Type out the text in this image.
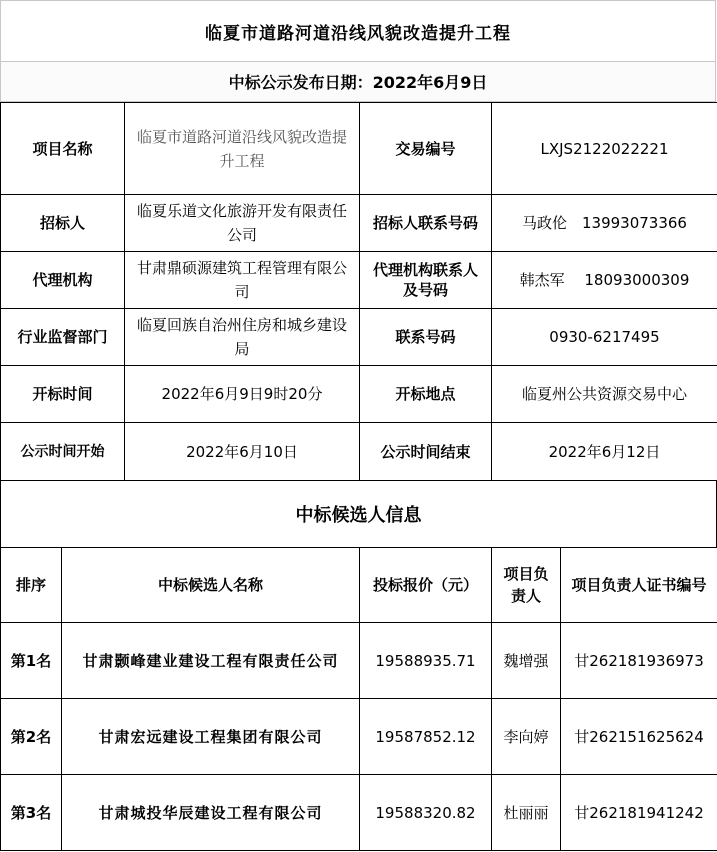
临夏市道路河道沿线风貌改造提升工程
中标公示发布日期：2022年6月9日
项目名称	临夏市道路河道沿线风貌改造提升工程	交易编号	LXJS2122022221
招标人	临夏乐道文化旅游开发有限责任公司	招标人联系号码	马政伦　13993073366
代理机构	甘肃鼎硕源建筑工程管理有限公司	代理机构联系人及号码	韩杰军　 18093000309
行业监督部门	临夏回族自治州住房和城乡建设局	联系号码	0930-6217495
开标时间	2022年6月9日9时20分	开标地点	临夏州公共资源交易中心
公示时间开始	2022年6月10日	公示时间结束	2022年6月12日
中标候选人信息
排序	中标候选人名称	投标报价（元）	项目负责人	项目负责人证书编号
第1名	甘肃颢峰建业建设工程有限责任公司	19588935.71	魏增强	甘262181936973
第2名	甘肃宏远建设工程集团有限公司	19587852.12	李向婷	甘262151625624
第3名	甘肃城投华辰建设工程有限公司	19588320.82	杜丽丽	甘262181941242
